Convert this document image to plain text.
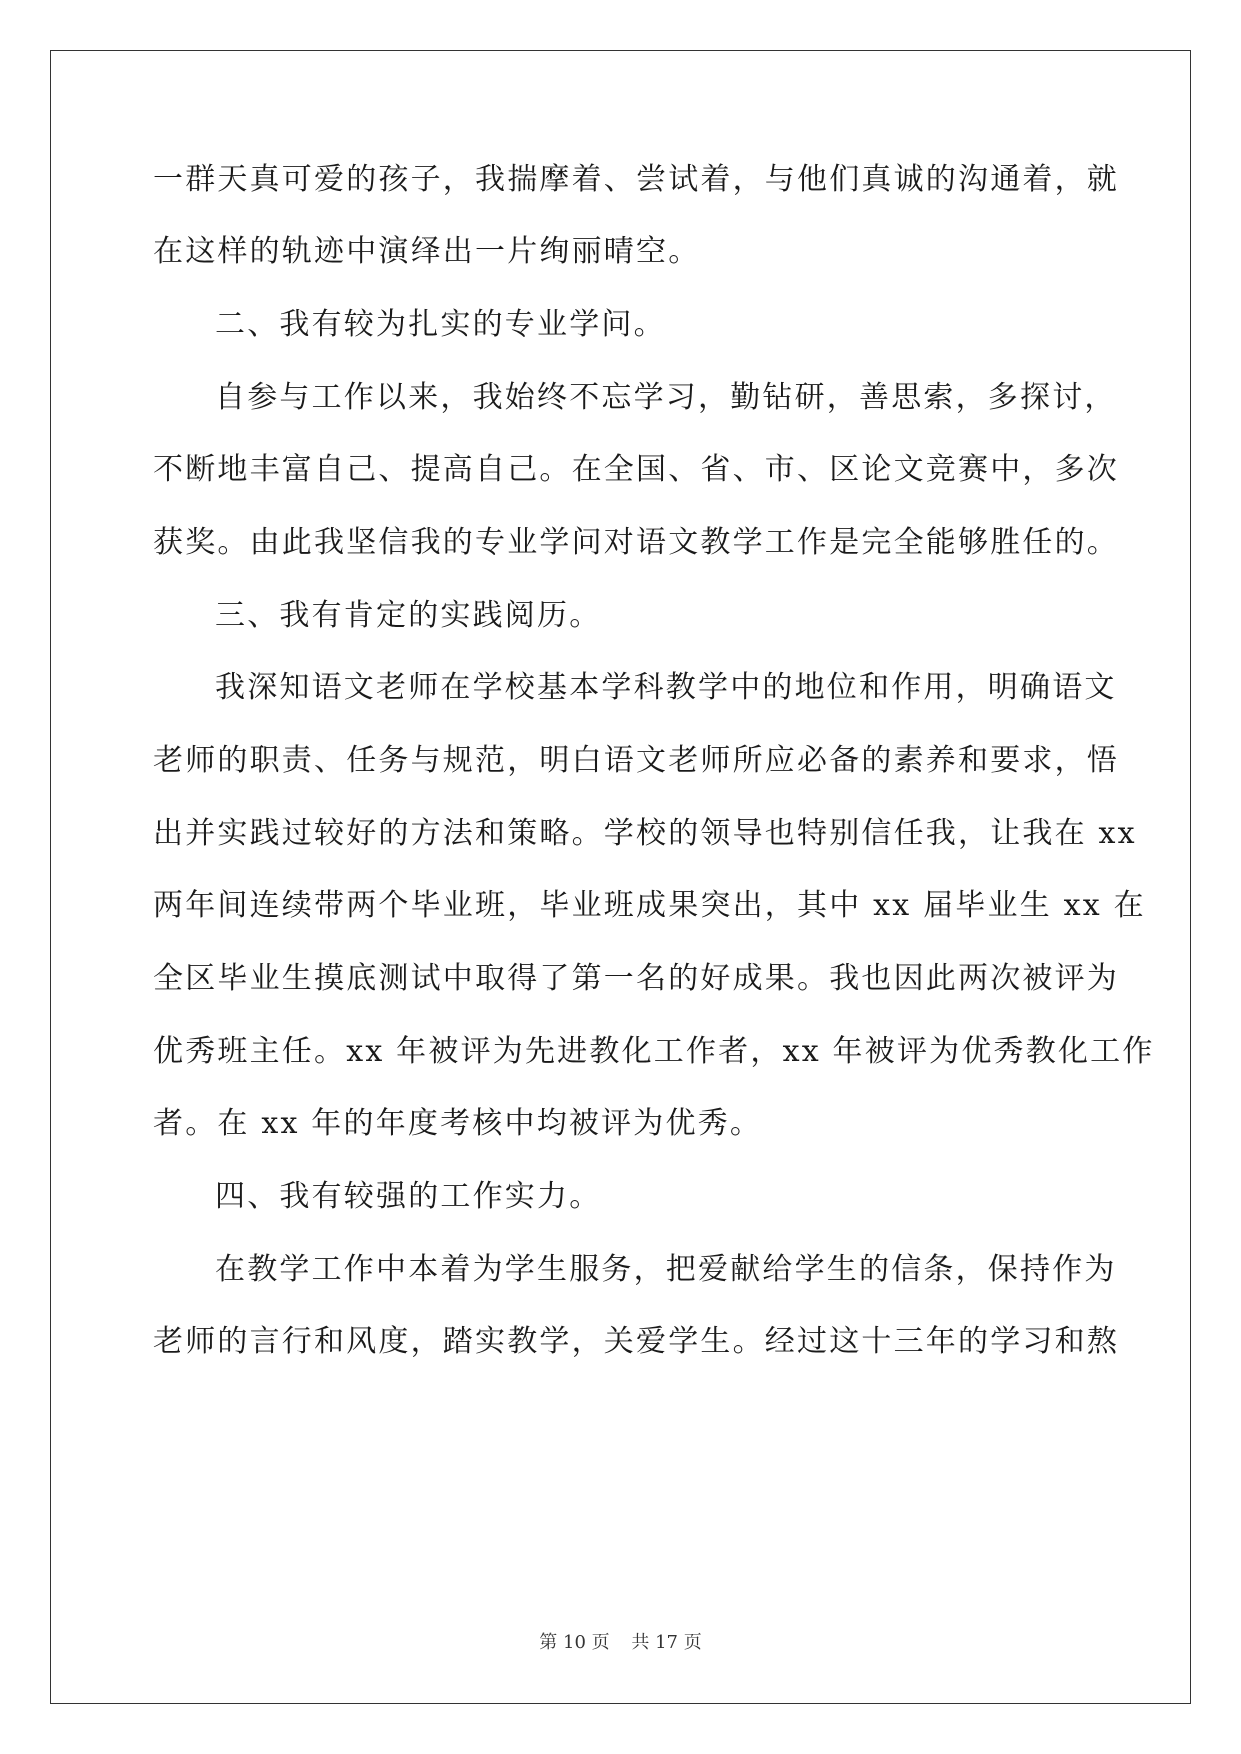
一群天真可爱的孩子，我揣摩着、尝试着，与他们真诚的沟通着，就
在这样的轨迹中演绎出一片绚丽晴空。
二、我有较为扎实的专业学问。
自参与工作以来，我始终不忘学习，勤钻研，善思索，多探讨，
不断地丰富自己、提高自己。在全国、省、市、区论文竞赛中，多次
获奖。由此我坚信我的专业学问对语文教学工作是完全能够胜任的。
三、我有肯定的实践阅历。
我深知语文老师在学校基本学科教学中的地位和作用，明确语文
老师的职责、任务与规范，明白语文老师所应必备的素养和要求，悟
出并实践过较好的方法和策略。学校的领导也特别信任我，让我在 xx
两年间连续带两个毕业班，毕业班成果突出，其中 xx 届毕业生 xx 在
全区毕业生摸底测试中取得了第一名的好成果。我也因此两次被评为
优秀班主任。xx 年被评为先进教化工作者，xx 年被评为优秀教化工作
者。在 xx 年的年度考核中均被评为优秀。
四、我有较强的工作实力。
在教学工作中本着为学生服务，把爱献给学生的信条，保持作为
老师的言行和风度，踏实教学，关爱学生。经过这十三年的学习和熬
第 10 页 共 17 页
